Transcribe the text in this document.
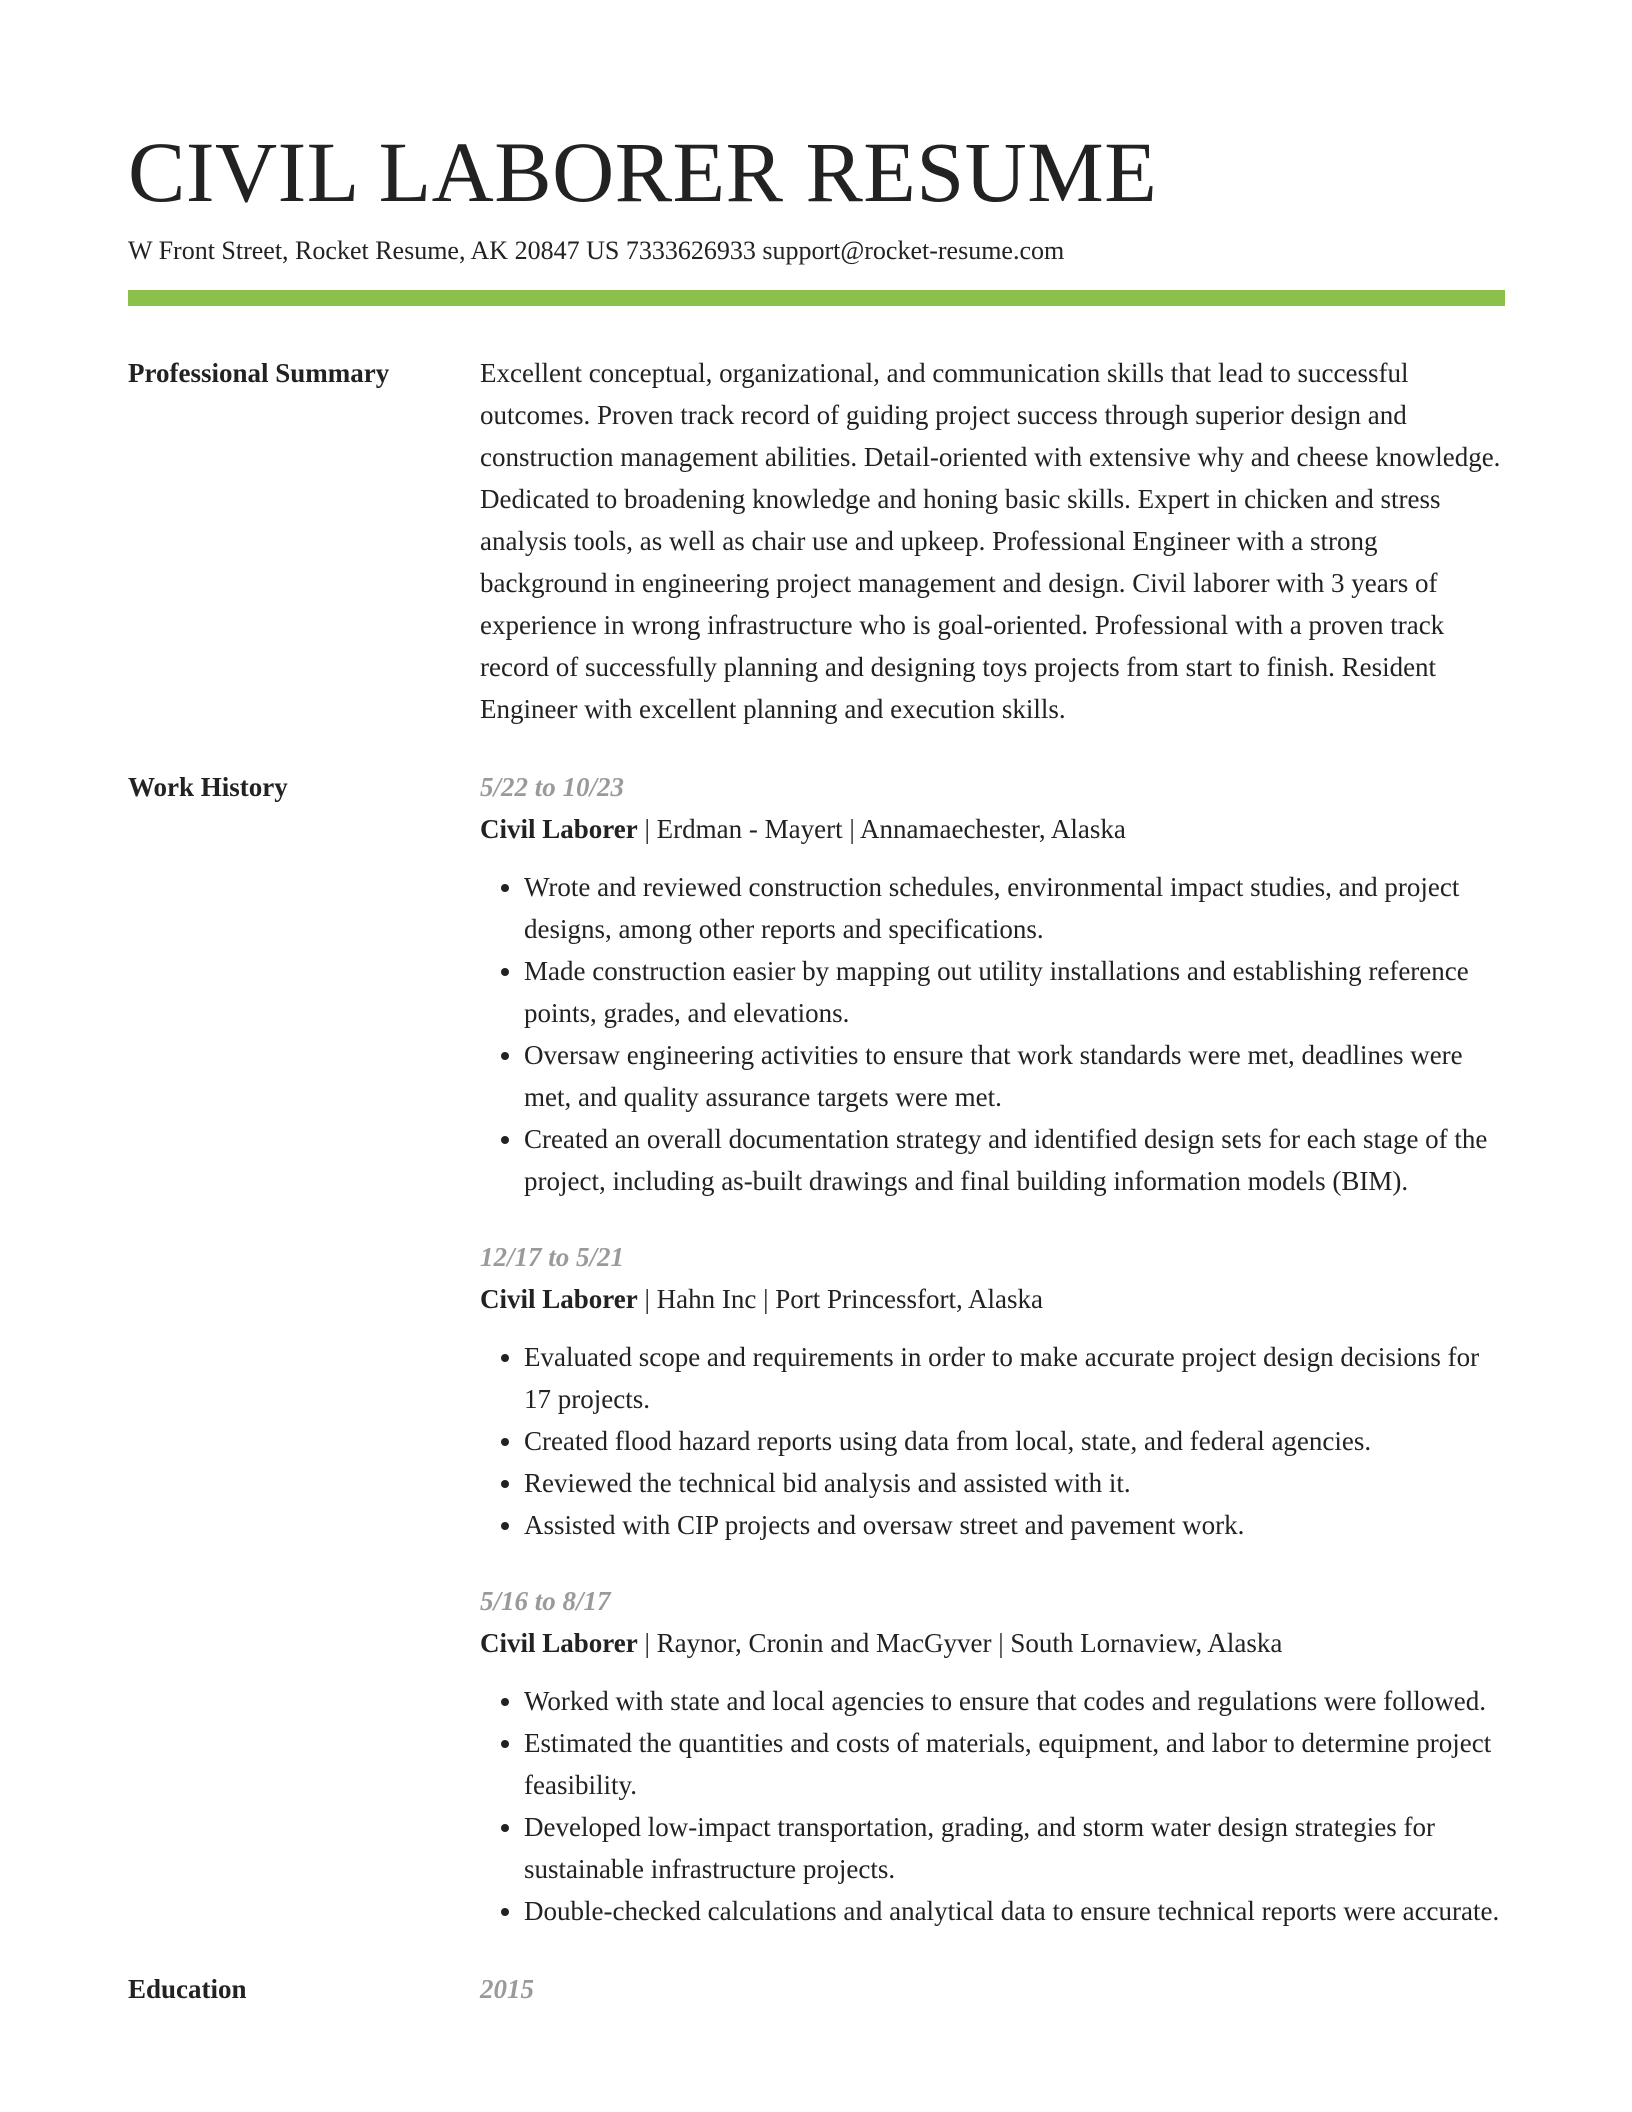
CIVIL LABORER RESUME
W Front Street, Rocket Resume, AK 20847 US 7333626933 support@rocket-resume.com
Professional Summary	Excellent conceptual, organizational, and communication skills that lead to successful outcomes. Proven track record of guiding project success through superior design and construction management abilities. Detail-oriented with extensive why and cheese knowledge. Dedicated to broadening knowledge and honing basic skills. Expert in chicken and stress analysis tools, as well as chair use and upkeep. Professional Engineer with a strong background in engineering project management and design. Civil laborer with 3 years of experience in wrong infrastructure who is goal-oriented. Professional with a proven track record of successfully planning and designing toys projects from start to finish. Resident Engineer with excellent planning and execution skills.

Work History	5/22 to 10/23
Civil Laborer | Erdman - Mayert | Annamaechester, Alaska
• Wrote and reviewed construction schedules, environmental impact studies, and project designs, among other reports and specifications.
• Made construction easier by mapping out utility installations and establishing reference points, grades, and elevations.
• Oversaw engineering activities to ensure that work standards were met, deadlines were met, and quality assurance targets were met.
• Created an overall documentation strategy and identified design sets for each stage of the project, including as-built drawings and final building information models (BIM).
12/17 to 5/21
Civil Laborer | Hahn Inc | Port Princessfort, Alaska
• Evaluated scope and requirements in order to make accurate project design decisions for 17 projects.
• Created flood hazard reports using data from local, state, and federal agencies.
• Reviewed the technical bid analysis and assisted with it.
• Assisted with CIP projects and oversaw street and pavement work.
5/16 to 8/17
Civil Laborer | Raynor, Cronin and MacGyver | South Lornaview, Alaska
• Worked with state and local agencies to ensure that codes and regulations were followed.
• Estimated the quantities and costs of materials, equipment, and labor to determine project feasibility.
• Developed low-impact transportation, grading, and storm water design strategies for sustainable infrastructure projects.
• Double-checked calculations and analytical data to ensure technical reports were accurate.
Education	2015
